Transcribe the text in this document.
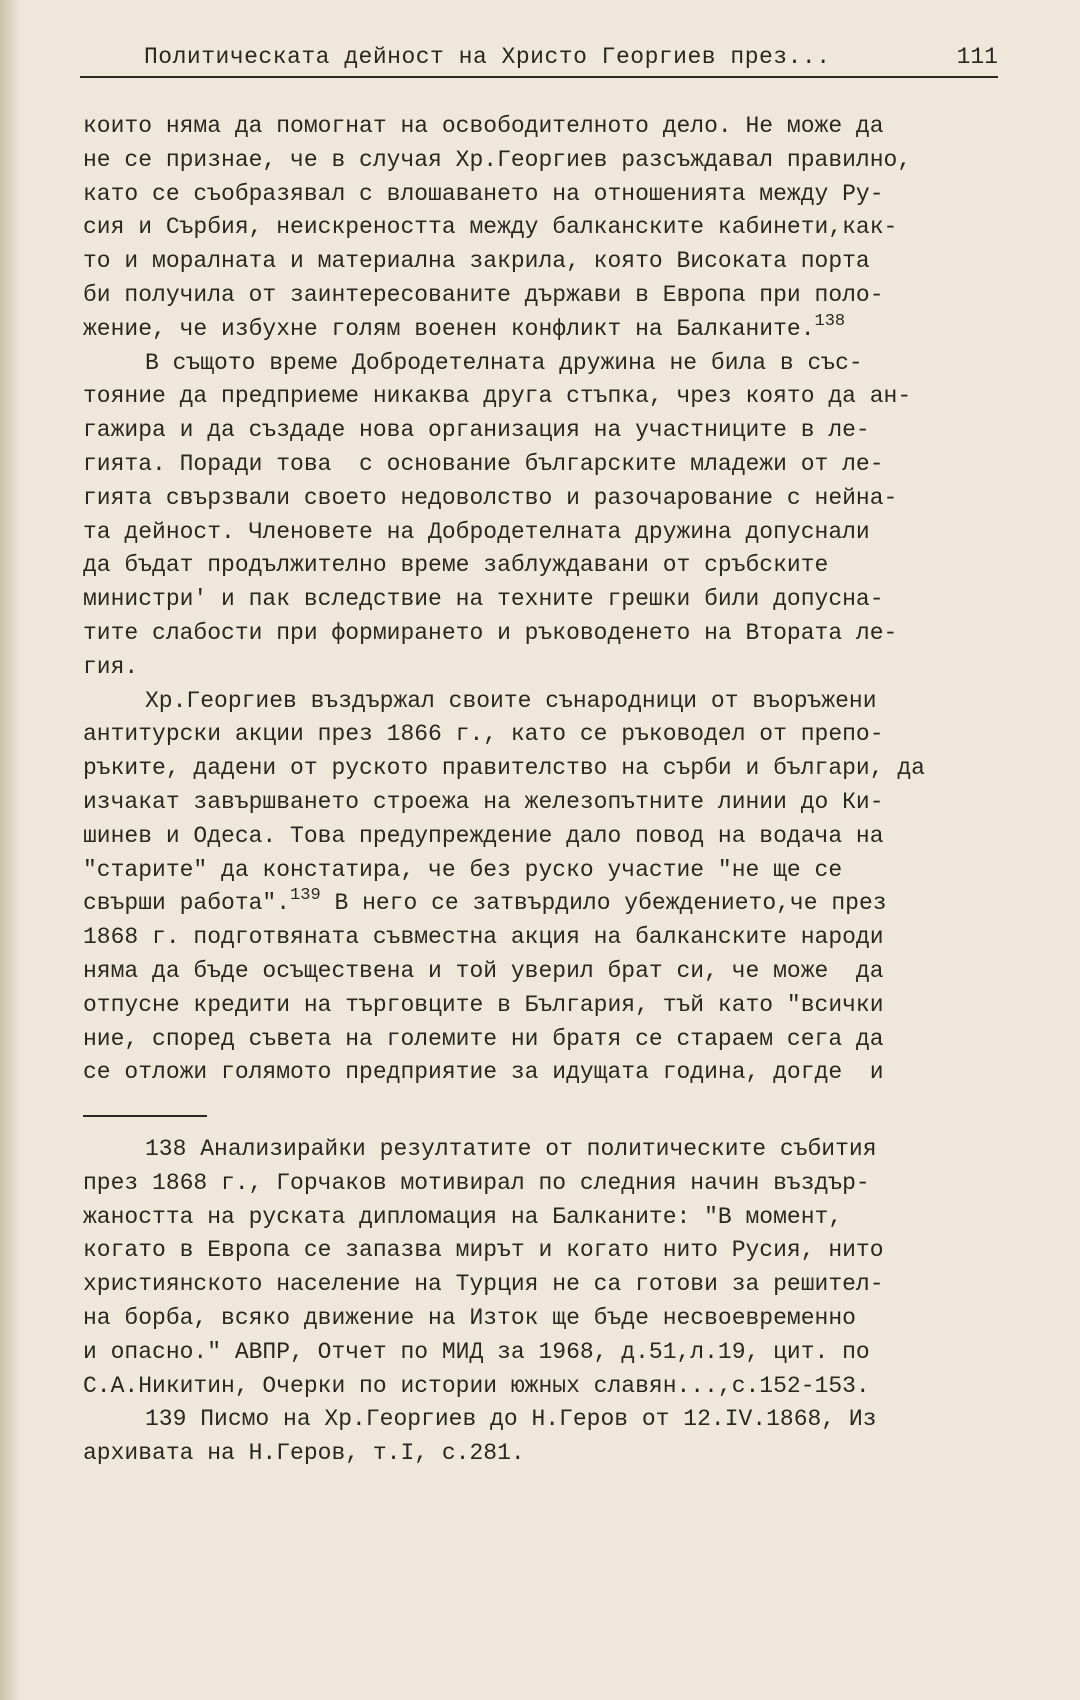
Политическата дейност на Христо Георгиев през...	111
които няма да помогнат на освободителното дело. Не може да
не се признае, че в случая Хр.Георгиев разсъждавал правилно,
като се съобразявал с влошаването на отношенията между Ру-
сия и Сърбия, неискреността между балканските кабинети,как-
то и моралната и материална закрила, която Високата порта
би получила от заинтересованите държави в Европа при поло-
жение, че избухне голям военен конфликт на Балканите.$^{138}$
В същото време Добродетелната дружина не била в със-
тояние да предприеме никаква друга стъпка, чрез която да ан-
гажира и да създаде нова организация на участниците в ле-
гията. Поради това  с основание българските младежи от ле-
гията свързвали своето недоволство и разочарование с нейна-
та дейност. Членовете на Добродетелната дружина допуснали
да бъдат продължително време заблуждавани от сръбските
министри' и пак вследствие на техните грешки били допусна-
тите слабости при формирането и ръководенето на Втората ле-
гия.
Хр.Георгиев въздържал своите сънародници от въоръжени
антитурски акции през 1866 г., като се ръководел от препо-
ръките, дадени от руското правителство на сърби и българи, да
изчакат завършването строежа на железопътните линии до Ки-
шинев и Одеса. Това предупреждение дало повод на водача на
"старите" да констатира, че без руско участие "не ще се
свърши работа".$^{139}$ В него се затвърдило убеждението,че през
1868 г. подготвяната съвместна акция на балканските народи
няма да бъде осъществена и той уверил брат си, че може  да
отпусне кредити на търговците в България, тъй като "всички
ние, според съвета на големите ни братя се стараем сега да
се отложи голямото предприятие за идущата година, догде  и
138 Анализирайки резултатите от политическите събития
през 1868 г., Горчаков мотивирал по следния начин въздър-
жаността на руската дипломация на Балканите: "В момент,
когато в Европа се запазва мирът и когато нито Русия, нито
християнското население на Турция не са готови за решител-
на борба, всяко движение на Изток ще бъде несвоевременно
и опасно." АВПР, Отчет по МИД за 1968, д.51,л.19, цит. по
С.А.Никитин, Очерки по истории южных славян...,с.152-153.
139 Писмо на Хр.Георгиев до Н.Геров от 12.IV.1868, Из
архивата на Н.Геров, т.I, с.281.
